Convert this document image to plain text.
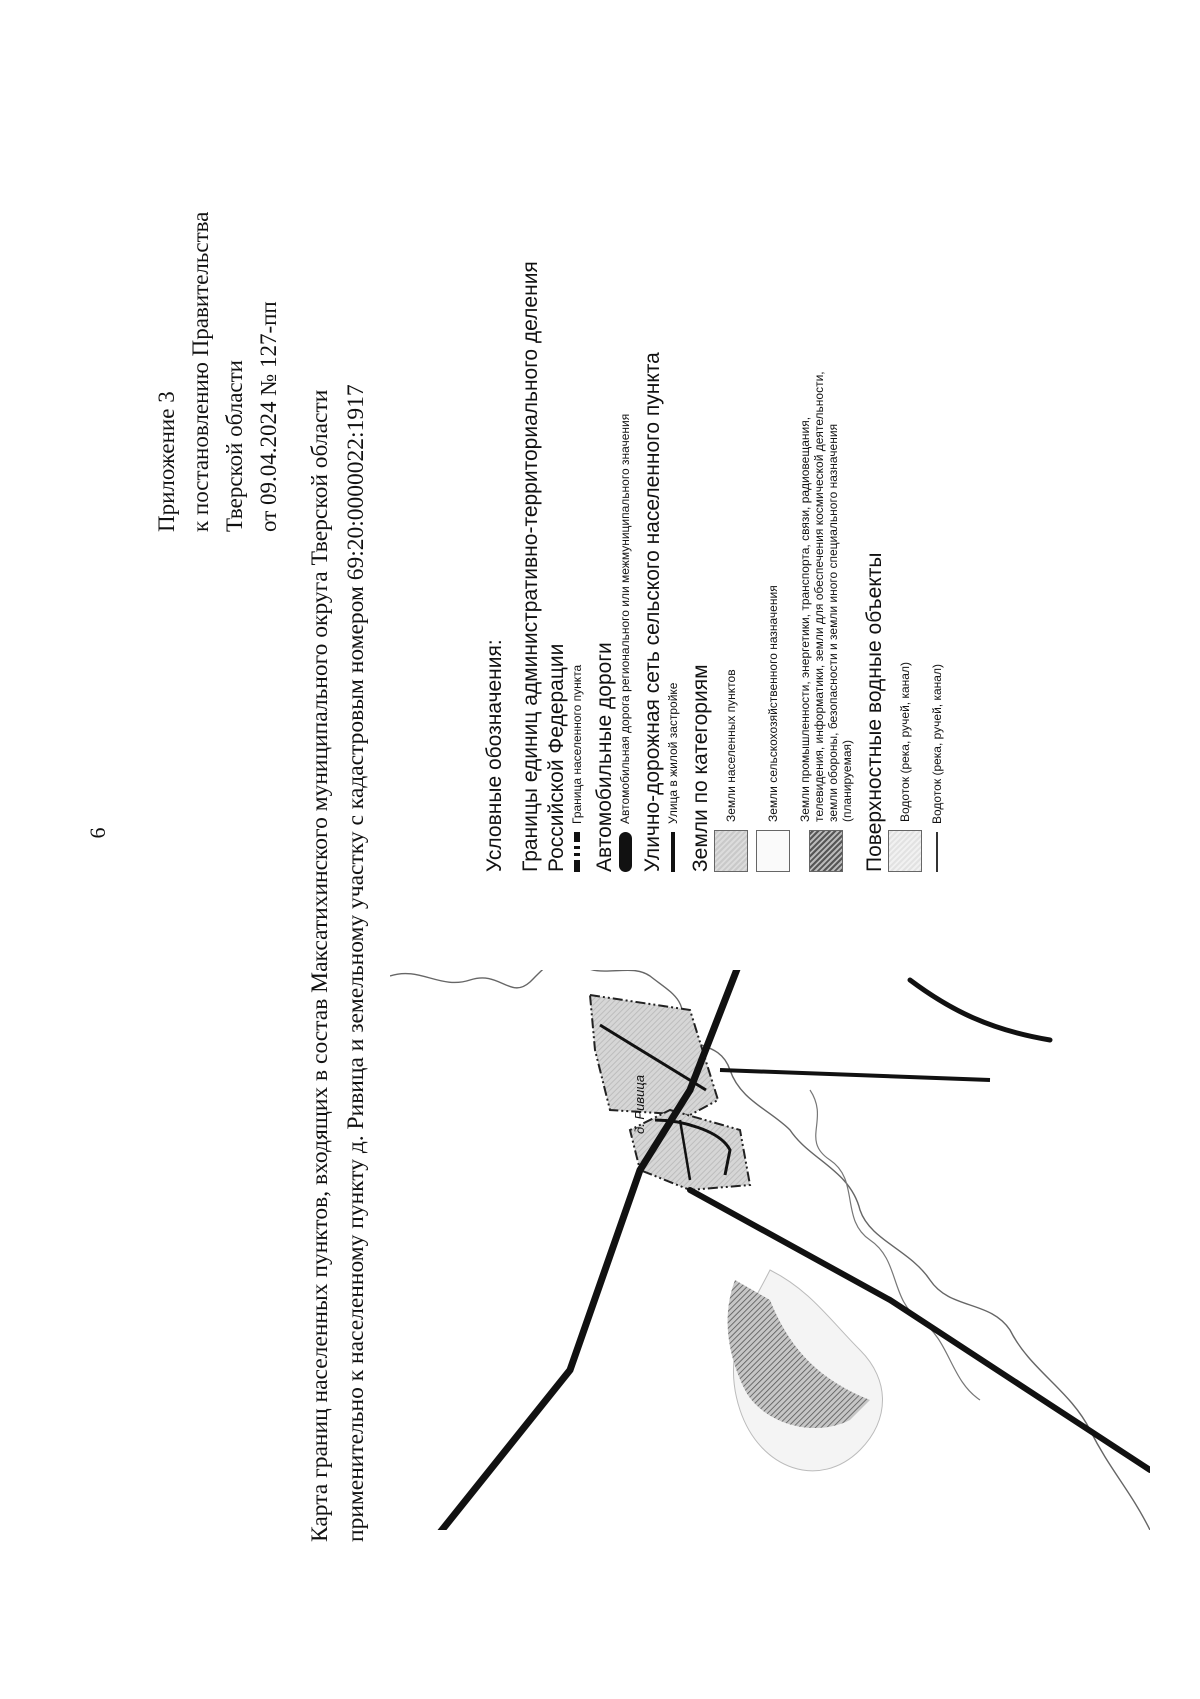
6
Приложение 3 к постановлению Правительства Тверской области от 09.04.2024 № 127-пп Карта границ населенных пунктов, входящих в состав Максатихинского муниципального округа Тверской области применительно к населенному пункту д. Ривица и земельному участку с кадастровым номером 69:20:0000022:1917	д. Ривица
Условные обозначения: Границы единиц административно-территориального деления Российской Федерации Граница населенного пункта Автомобильные дороги Автомобильная дорога регионального или межмуниципального значения Улично-дорожная сеть сельского населенного пункта Улица в жилой застройке Земли по категориям Земли населенных пунктов Земли сельскохозяйственного назначения Земли промышленности, энергетики, транспорта, связи, радиовещания, телевидения, информатики, земли для обеспечения космической деятельности, земли обороны, безопасности и земли иного специального назначения (планируемая) Поверхностные водные объекты Водоток (река, ручей, канал) Водоток (река, ручей, канал)
